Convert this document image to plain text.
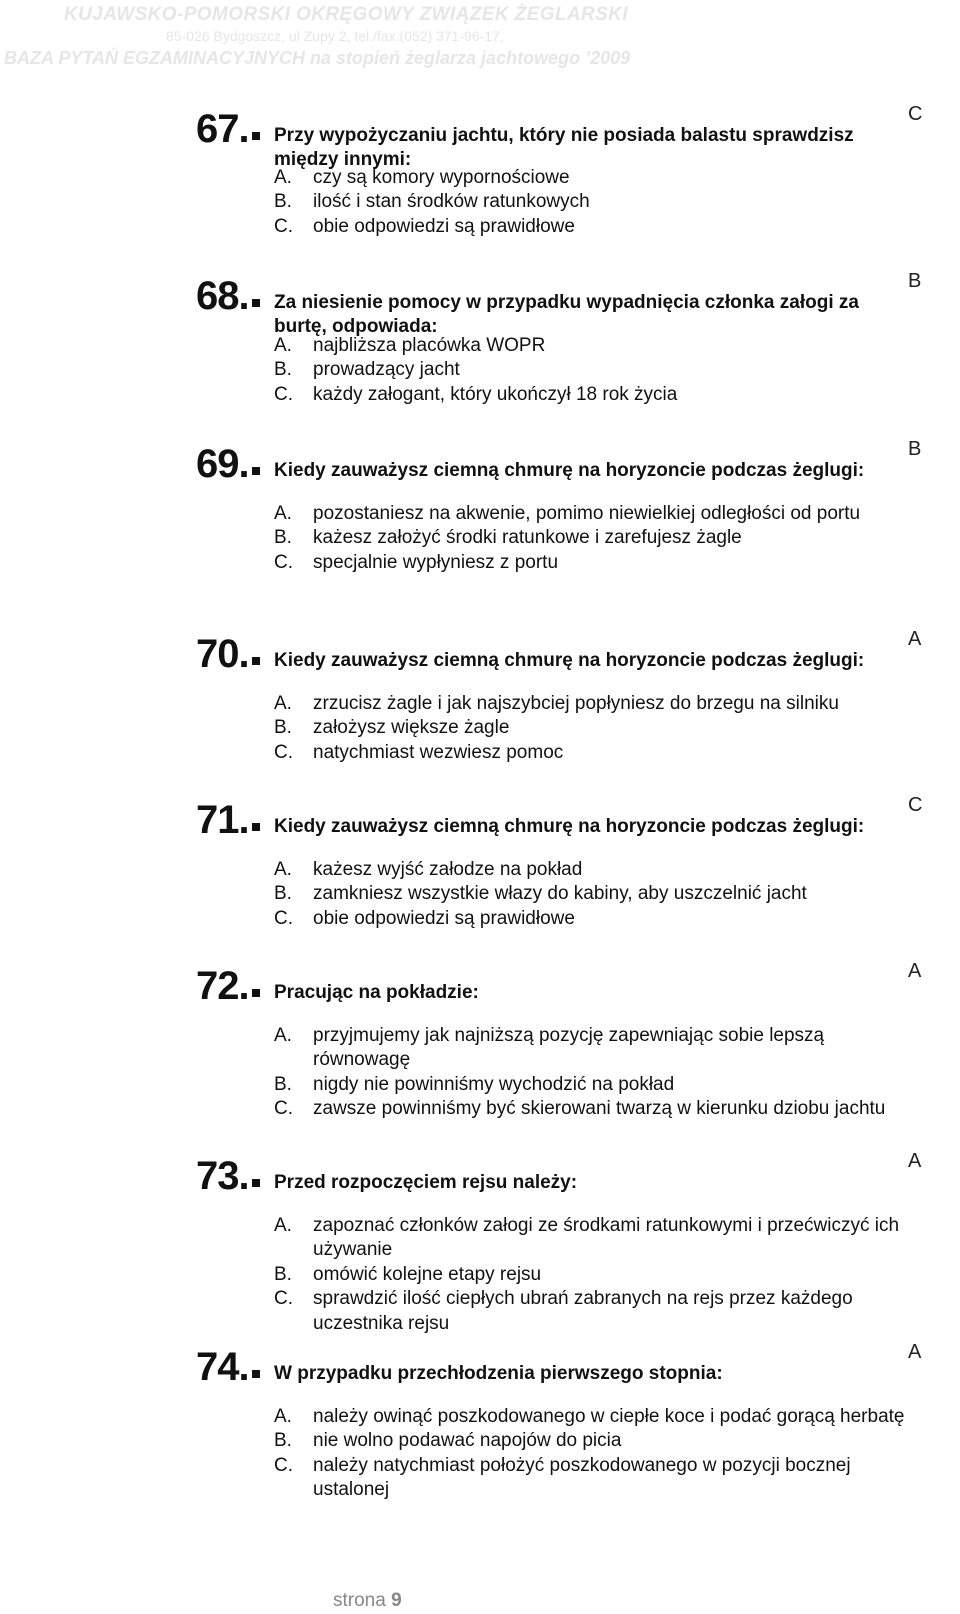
KUJAWSKO-POMORSKI OKRĘGOWY ZWIĄZEK ŻEGLARSKI
85-026 Bydgoszcz, ul Zupy 2, tel./fax.(052) 371-96-17,
BAZA PYTAŃ EGZAMINACYJNYCH na stopień żeglarza jachtowego ’2009
67.	Przy wypożyczaniu jachtu, który nie posiada balastu sprawdzisz między innymi:
C
A. czy są komory wypornościowe
B. ilość i stan środków ratunkowych
C. obie odpowiedzi są prawidłowe
68.	Za niesienie pomocy w przypadku wypadnięcia członka załogi za burtę, odpowiada:
B
A. najbliższa placówka WOPR
B. prowadzący jacht
C. każdy załogant, który ukończył 18 rok życia
69.	Kiedy zauważysz ciemną chmurę na horyzoncie podczas żeglugi:
B
A. pozostaniesz na akwenie, pomimo niewielkiej odległości od portu
B. każesz założyć środki ratunkowe i zarefujesz żagle
C. specjalnie wypłyniesz z portu
70.	Kiedy zauważysz ciemną chmurę na horyzoncie podczas żeglugi:
A
A. zrzucisz żagle i jak najszybciej popłyniesz do brzegu na silniku
B. założysz większe żagle
C. natychmiast wezwiesz pomoc
71.	Kiedy zauważysz ciemną chmurę na horyzoncie podczas żeglugi:
C
A. każesz wyjść załodze na pokład
B. zamkniesz wszystkie włazy do kabiny, aby uszczelnić jacht
C. obie odpowiedzi są prawidłowe
72.	Pracując na pokładzie:
A
A. przyjmujemy jak najniższą pozycję zapewniając sobie lepszą równowagę
B. nigdy nie powinniśmy wychodzić na pokład
C. zawsze powinniśmy być skierowani twarzą w kierunku dziobu jachtu
73.	Przed rozpoczęciem rejsu należy:
A
A. zapoznać członków załogi ze środkami ratunkowymi i przećwiczyć ich używanie
B. omówić kolejne etapy rejsu
C. sprawdzić ilość ciepłych ubrań zabranych na rejs przez każdego uczestnika rejsu
74.	W przypadku przechłodzenia pierwszego stopnia:
A
A. należy owinąć poszkodowanego w ciepłe koce i podać gorącą herbatę
B. nie wolno podawać napojów do picia
C. należy natychmiast położyć poszkodowanego w pozycji bocznej ustalonej
strona 9
